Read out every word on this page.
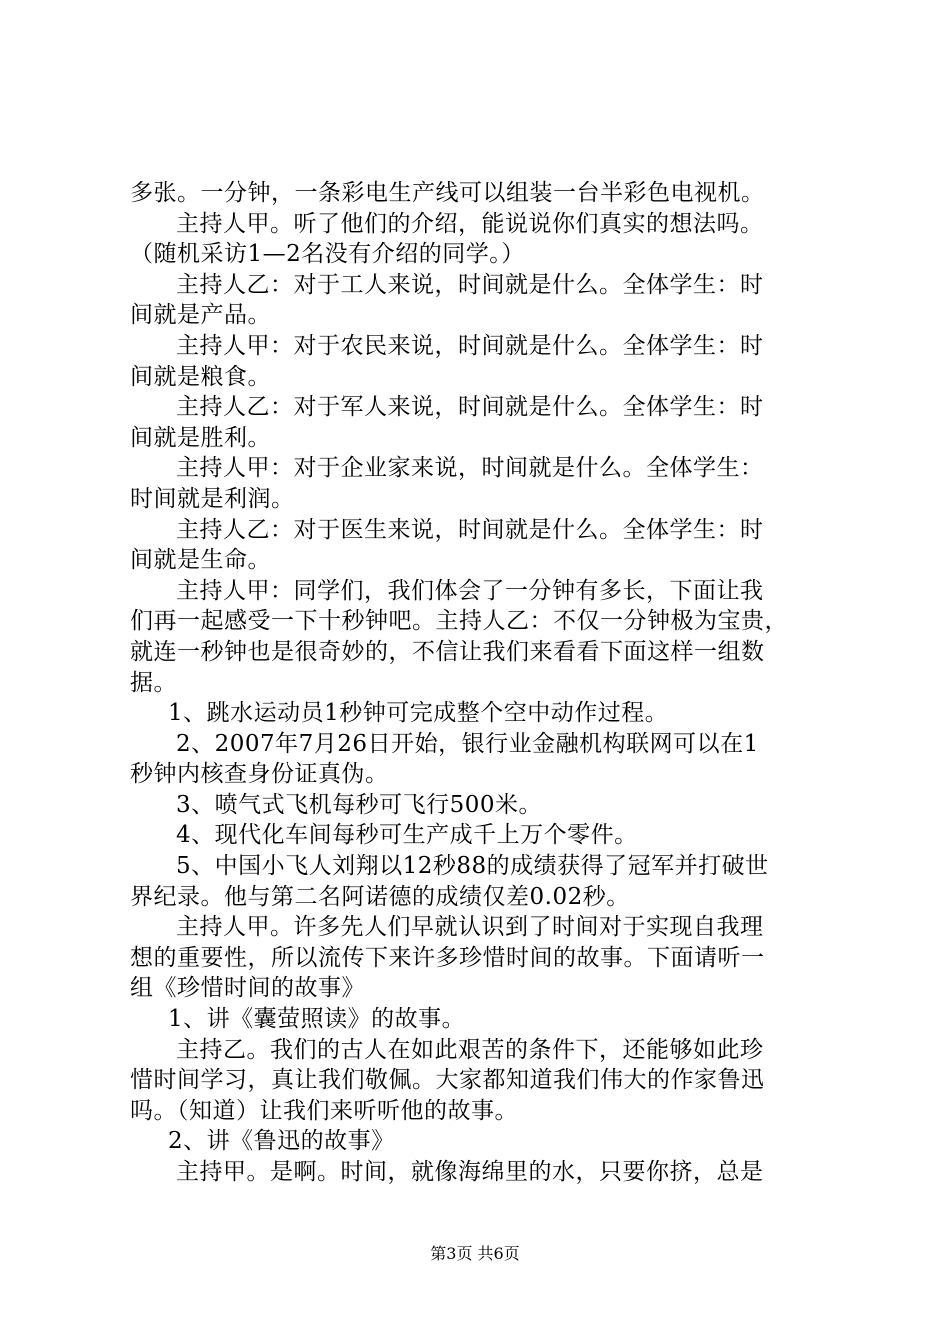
多张。一分钟，一条彩电生产线可以组装一台半彩色电视机。
主持人甲。听了他们的介绍，能说说你们真实的想法吗。
（随机采访1—2名没有介绍的同学。）
主持人乙：对于工人来说，时间就是什么。全体学生：时
间就是产品。
主持人甲：对于农民来说，时间就是什么。全体学生：时
间就是粮食。
主持人乙：对于军人来说，时间就是什么。全体学生：时
间就是胜利。
主持人甲：对于企业家来说，时间就是什么。全体学生：
时间就是利润。
主持人乙：对于医生来说，时间就是什么。全体学生：时
间就是生命。
主持人甲：同学们，我们体会了一分钟有多长，下面让我
们再一起感受一下十秒钟吧。主持人乙：不仅一分钟极为宝贵，
就连一秒钟也是很奇妙的，不信让我们来看看下面这样一组数
据。
1、跳水运动员1秒钟可完成整个空中动作过程。
2、2007年7月26日开始，银行业金融机构联网可以在1
秒钟内核查身份证真伪。
3、喷气式飞机每秒可飞行500米。
4、现代化车间每秒可生产成千上万个零件。
5、中国小飞人刘翔以12秒88的成绩获得了冠军并打破世
界纪录。他与第二名阿诺德的成绩仅差0.02秒。
主持人甲。许多先人们早就认识到了时间对于实现自我理
想的重要性，所以流传下来许多珍惜时间的故事。下面请听一
组《珍惜时间的故事》
1、讲《囊萤照读》的故事。
主持乙。我们的古人在如此艰苦的条件下，还能够如此珍
惜时间学习，真让我们敬佩。大家都知道我们伟大的作家鲁迅
吗。（知道）让我们来听听他的故事。
2、讲《鲁迅的故事》
主持甲。是啊。时间，就像海绵里的水，只要你挤，总是
第3页 共6页
